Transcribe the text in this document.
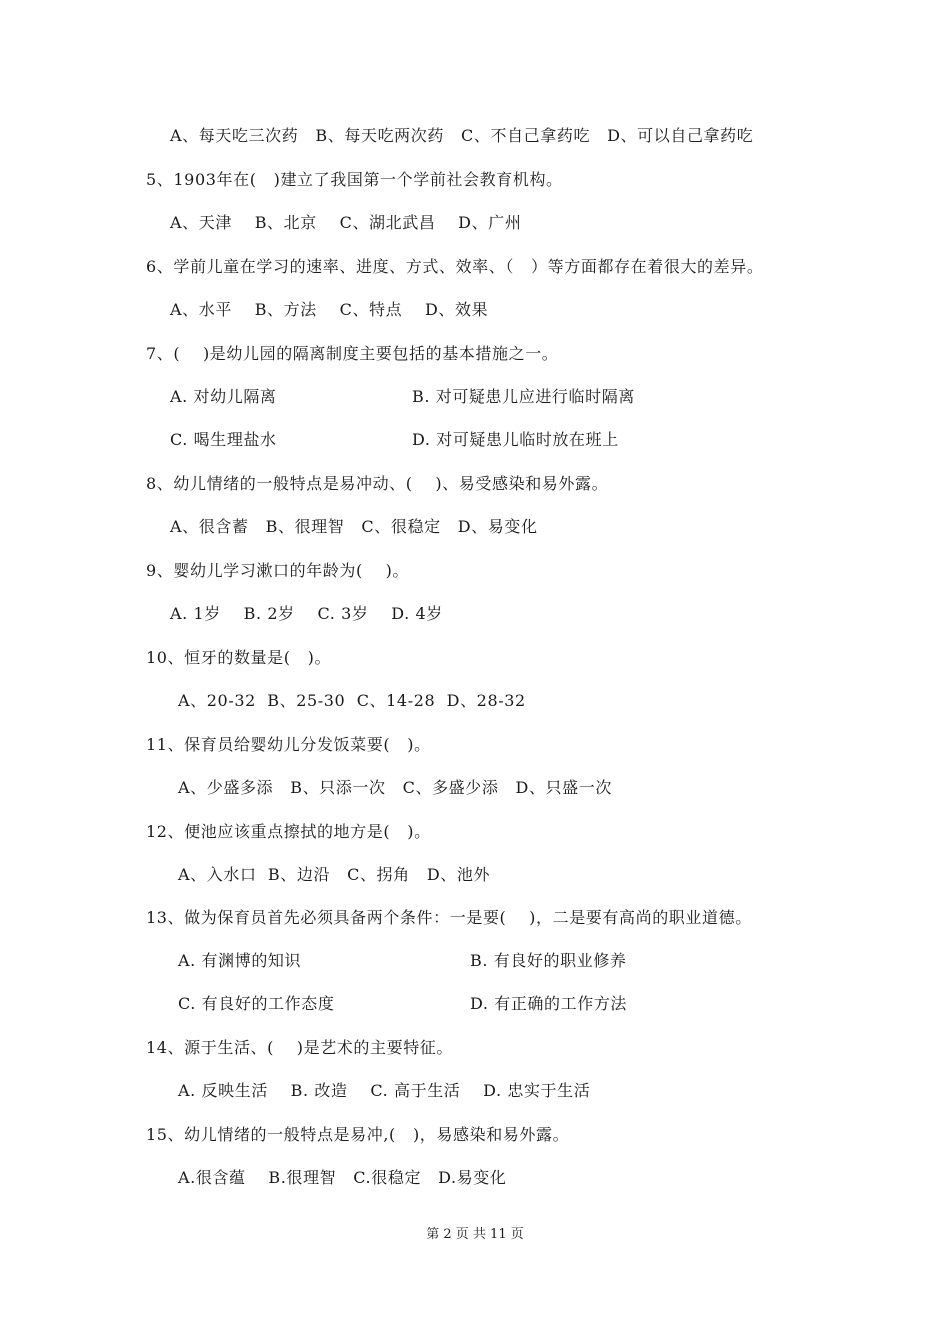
A、每天吃三次药   B、每天吃两次药   C、不自己拿药吃   D、可以自己拿药吃
5、1903年在(   )建立了我国第一个学前社会教育机构。
A、天津    B、北京    C、湖北武昌    D、广州
6、学前儿童在学习的速率、进度、方式、效率、（   ）等方面都存在着很大的差异。
A、水平    B、方法    C、特点    D、效果
7、(    )是幼儿园的隔离制度主要包括的基本措施之一。
A. 对幼儿隔离	B. 对可疑患儿应进行临时隔离
C. 喝生理盐水	D. 对可疑患儿临时放在班上
8、幼儿情绪的一般特点是易冲动、(    )、易受感染和易外露。
A、很含蓄   B、很理智   C、很稳定   D、易变化
9、婴幼儿学习漱口的年龄为(    )。
A. 1岁    B. 2岁    C. 3岁    D. 4岁
10、恒牙的数量是(   )。
A、20-32  B、25-30  C、14-28  D、28-32
11、保育员给婴幼儿分发饭菜要(   )。
A、少盛多添   B、只添一次   C、多盛少添   D、只盛一次
12、便池应该重点擦拭的地方是(   )。
A、入水口  B、边沿   C、拐角   D、池外
13、做为保育员首先必须具备两个条件：一是要(    )，二是要有高尚的职业道德。
A. 有渊博的知识	B. 有良好的职业修养
C. 有良好的工作态度	D. 有正确的工作方法
14、源于生活、(    )是艺术的主要特征。
A. 反映生活    B. 改造    C. 高于生活    D. 忠实于生活
15、幼儿情绪的一般特点是易冲,(   )，易感染和易外露。
A.很含蕴    B.很理智   C.很稳定   D.易变化
第 2 页 共 11 页
